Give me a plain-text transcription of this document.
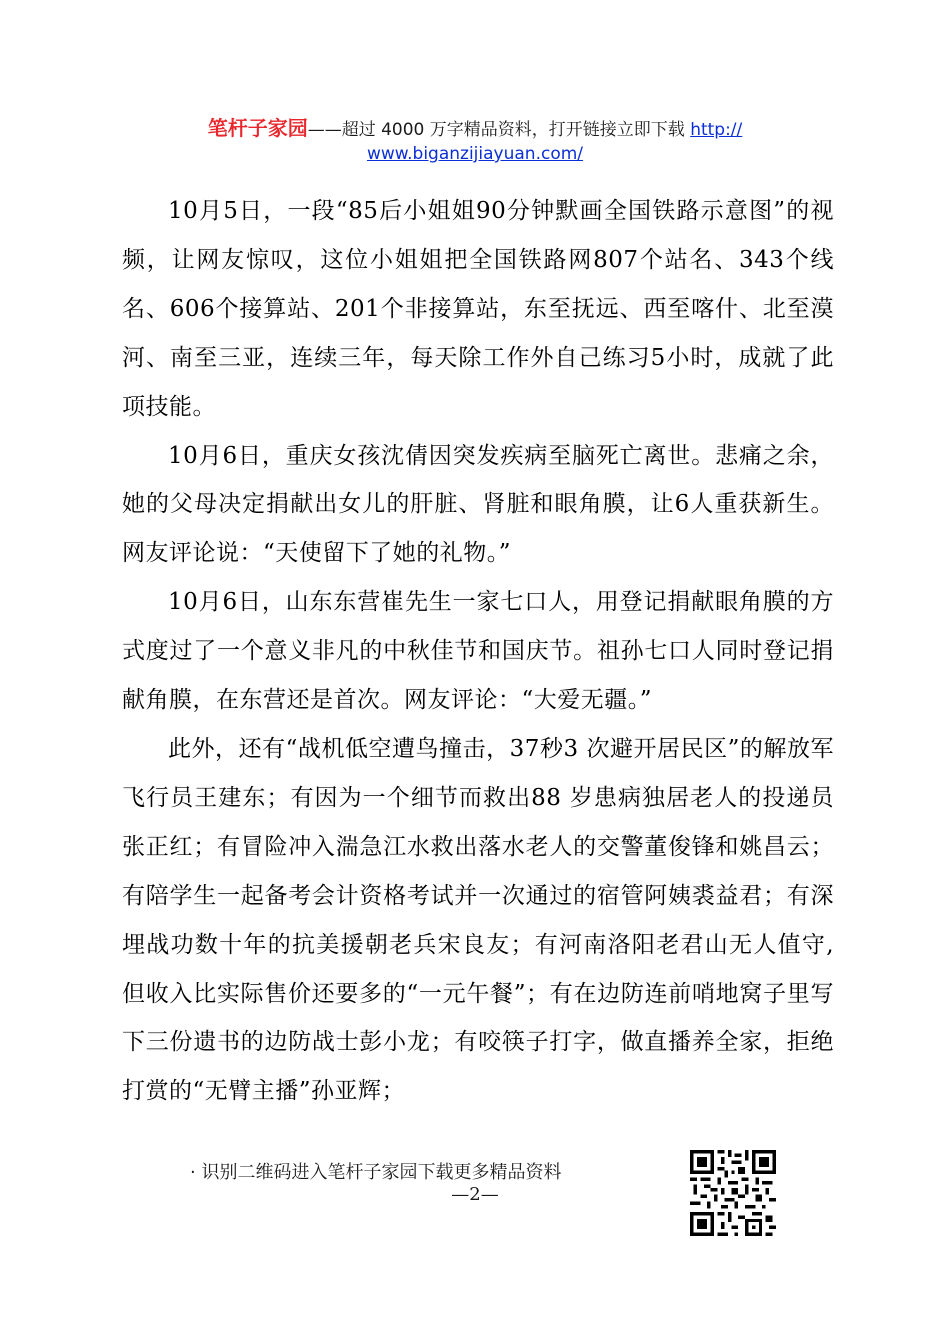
笔杆子家园——超过 4000 万字精品资料，打开链接立即下载 http://
www.biganzijiayuan.com/

10月5日，一段“85后小姐姐90分钟默画全国铁路示意图”的视频，让网友惊叹，这位小姐姐把全国铁路网807个站名、343个线名、606个接算站、201个非接算站，东至抚远、西至喀什、北至漠河、南至三亚，连续三年，每天除工作外自己练习5小时，成就了此项技能。

10月6日，重庆女孩沈倩因突发疾病至脑死亡离世。悲痛之余，她的父母决定捐献出女儿的肝脏、肾脏和眼角膜，让6人重获新生。网友评论说：“天使留下了她的礼物。”

10月6日，山东东营崔先生一家七口人，用登记捐献眼角膜的方式度过了一个意义非凡的中秋佳节和国庆节。祖孙七口人同时登记捐献角膜，在东营还是首次。网友评论：“大爱无疆。”

此外，还有“战机低空遭鸟撞击，37秒3 次避开居民区”的解放军飞行员王建东；有因为一个细节而救出88 岁患病独居老人的投递员张正红；有冒险冲入湍急江水救出落水老人的交警董俊锋和姚昌云；有陪学生一起备考会计资格考试并一次通过的宿管阿姨裘益君；有深埋战功数十年的抗美援朝老兵宋良友；有河南洛阳老君山无人值守,但收入比实际售价还要多的“一元午餐”；有在边防连前哨地窝子里写下三份遗书的边防战士彭小龙；有咬筷子打字，做直播养全家，拒绝打赏的“无臂主播”孙亚辉；

· 识别二维码进入笔杆子家园下载更多精品资料
—2—
